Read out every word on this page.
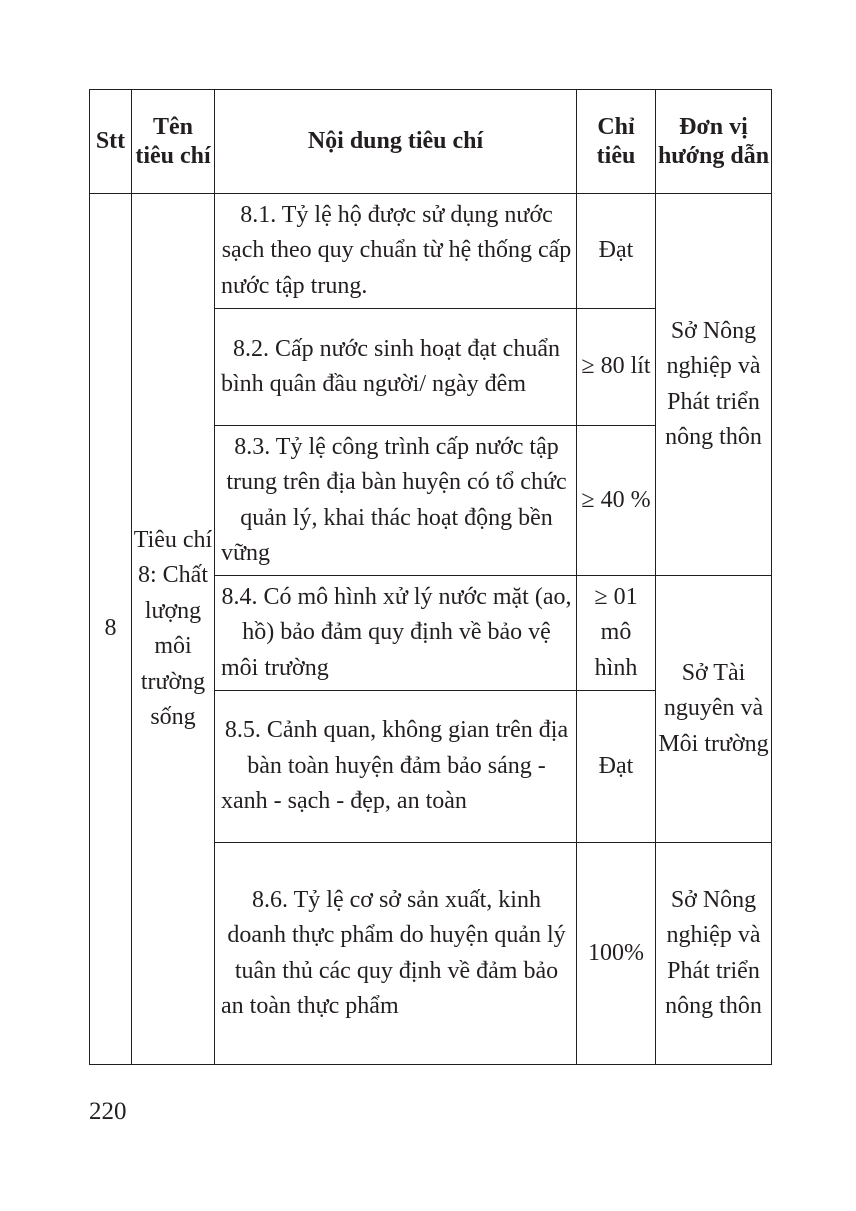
Stt	Tên tiêu chí	Nội dung tiêu chí	Chỉ tiêu	Đơn vị hướng dẫn
8	Tiêu chí 8: Chất lượng môi trường sống	8.1. Tỷ lệ hộ được sử dụng nước sạch theo quy chuẩn từ hệ thống cấp nước tập trung.	Đạt	Sở Nông nghiệp và Phát triển nông thôn
		8.2. Cấp nước sinh hoạt đạt chuẩn bình quân đầu người/ ngày đêm	≥ 80 lít	
		8.3. Tỷ lệ công trình cấp nước tập trung trên địa bàn huyện có tổ chức quản lý, khai thác hoạt động bền vững	≥ 40 %	
		8.4. Có mô hình xử lý nước mặt (ao, hồ) bảo đảm quy định về bảo vệ môi trường	≥ 01 mô hình	Sở Tài nguyên và Môi trường
		8.5. Cảnh quan, không gian trên địa bàn toàn huyện đảm bảo sáng - xanh - sạch - đẹp, an toàn	Đạt	
		8.6. Tỷ lệ cơ sở sản xuất, kinh doanh thực phẩm do huyện quản lý tuân thủ các quy định về đảm bảo an toàn thực phẩm	100%	Sở Nông nghiệp và Phát triển nông thôn
220
